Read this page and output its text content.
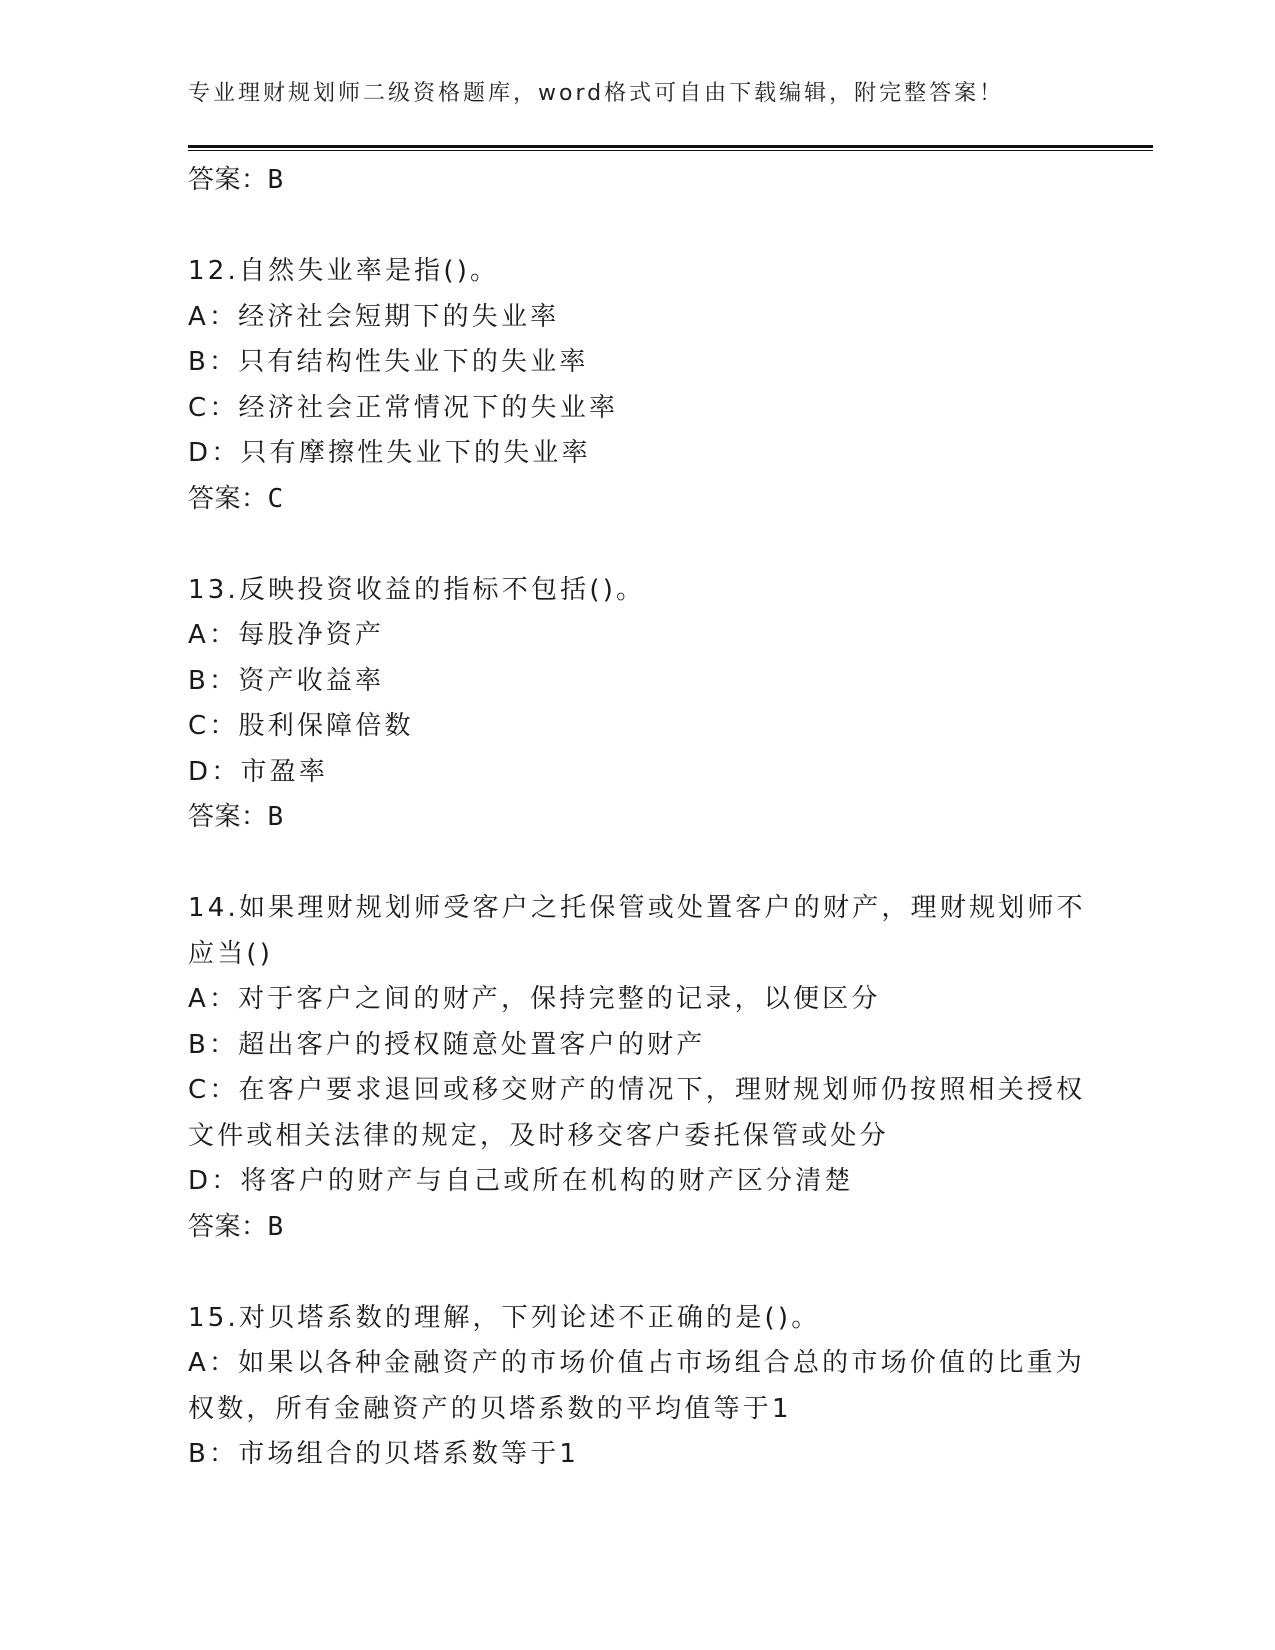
专业理财规划师二级资格题库，word格式可自由下载编辑，附完整答案！
答案：B
12.自然失业率是指()。
A：经济社会短期下的失业率
B：只有结构性失业下的失业率
C：经济社会正常情况下的失业率
D：只有摩擦性失业下的失业率
答案：C
13.反映投资收益的指标不包括()。
A：每股净资产
B：资产收益率
C：股利保障倍数
D：市盈率
答案：B
14.如果理财规划师受客户之托保管或处置客户的财产，理财规划师不
应当()
A：对于客户之间的财产，保持完整的记录，以便区分
B：超出客户的授权随意处置客户的财产
C：在客户要求退回或移交财产的情况下，理财规划师仍按照相关授权
文件或相关法律的规定，及时移交客户委托保管或处分
D：将客户的财产与自己或所在机构的财产区分清楚
答案：B
15.对贝塔系数的理解，下列论述不正确的是()。
A：如果以各种金融资产的市场价值占市场组合总的市场价值的比重为
权数，所有金融资产的贝塔系数的平均值等于1
B：市场组合的贝塔系数等于1
